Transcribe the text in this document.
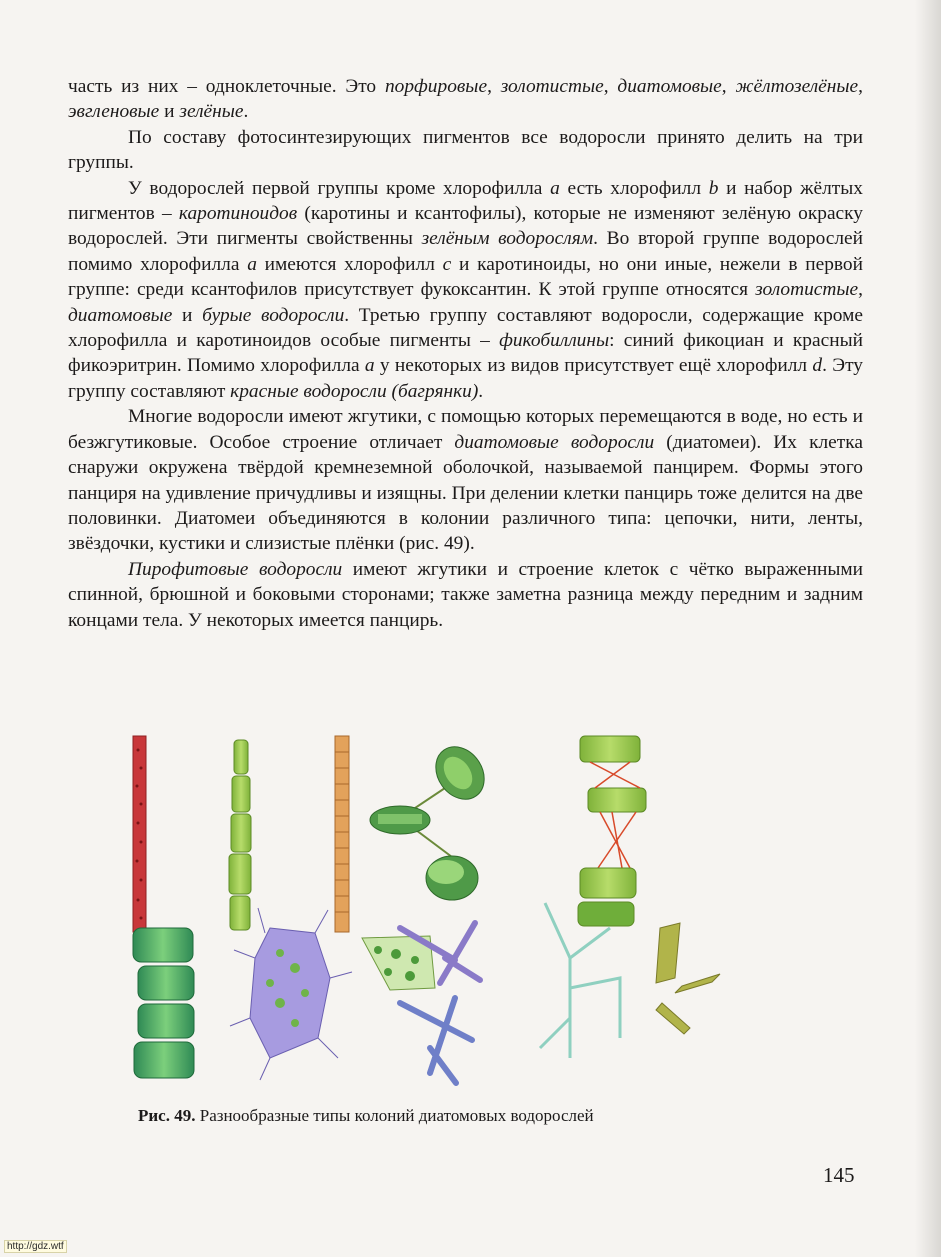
часть из них – одноклеточные. Это порфировые, золотистые, диатомовые, жёлтозелёные, эвгленовые и зелёные.

По составу фотосинтезирующих пигментов все водоросли принято делить на три группы.

У водорослей первой группы кроме хлорофилла а есть хлорофилл b и набор жёлтых пигментов – каротиноидов (каротины и ксантофилы), которые не изменяют зелёную окраску водорослей. Эти пигменты свойственны зелёным водорослям. Во второй группе водорослей помимо хлорофилла а имеются хлорофилл с и каротиноиды, но они иные, нежели в первой группе: среди ксантофилов присутствует фукоксантин. К этой группе относятся золотистые, диатомовые и бурые водоросли. Третью группу составляют водоросли, содержащие кроме хлорофилла и каротиноидов особые пигменты – фикобиллины: синий фикоциан и красный фикоэритрин. Помимо хлорофилла а у некоторых из видов присутствует ещё хлорофилл d. Эту группу составляют красные водоросли (багрянки).

Многие водоросли имеют жгутики, с помощью которых перемещаются в воде, но есть и безжгутиковые. Особое строение отличает диатомовые водоросли (диатомеи). Их клетка снаружи окружена твёрдой кремнеземной оболочкой, называемой панцирем. Формы этого панциря на удивление причудливы и изящны. При делении клетки панцирь тоже делится на две половинки. Диатомеи объединяются в колонии различного типа: цепочки, нити, ленты, звёздочки, кустики и слизистые плёнки (рис. 49).

Пирофитовые водоросли имеют жгутики и строение клеток с чётко выраженными спинной, брюшной и боковыми сторонами; также заметна разница между передним и задним концами тела. У некоторых имеется панцирь.

Рис. 49. Разнообразные типы колоний диатомовых водорослей
145
http://gdz.wtf
